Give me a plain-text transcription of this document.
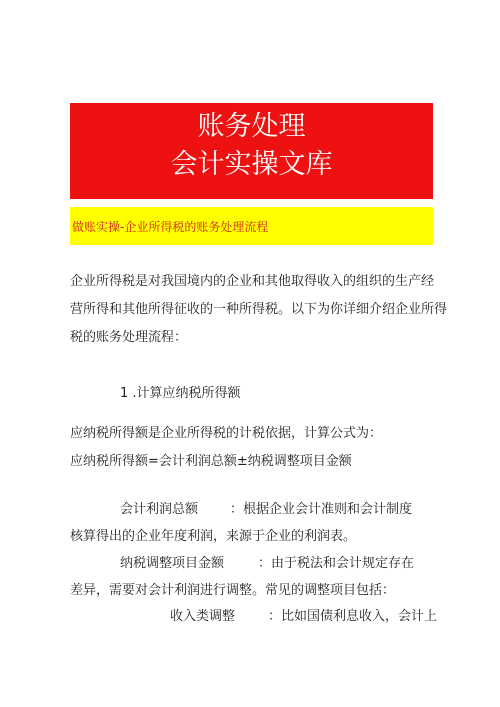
账务处理
会计实操文库
做账实操-企业所得税的账务处理流程
企业所得税是对我国境内的企业和其他取得收入的组织的生产经
营所得和其他所得征收的一种所得税。以下为你详细介绍企业所得
税的账务处理流程：
1 .计算应纳税所得额
应纳税所得额是企业所得税的计税依据，计算公式为：
应纳税所得额=会计利润总额±纳税调整项目金额
会计利润总额 ：根据企业会计准则和会计制度
核算得出的企业年度利润，来源于企业的利润表。
纳税调整项目金额	：由于税法和会计规定存在
差异，需要对会计利润进行调整。常见的调整项目包括：
收入类调整	：比如国债利息收入，会计上
